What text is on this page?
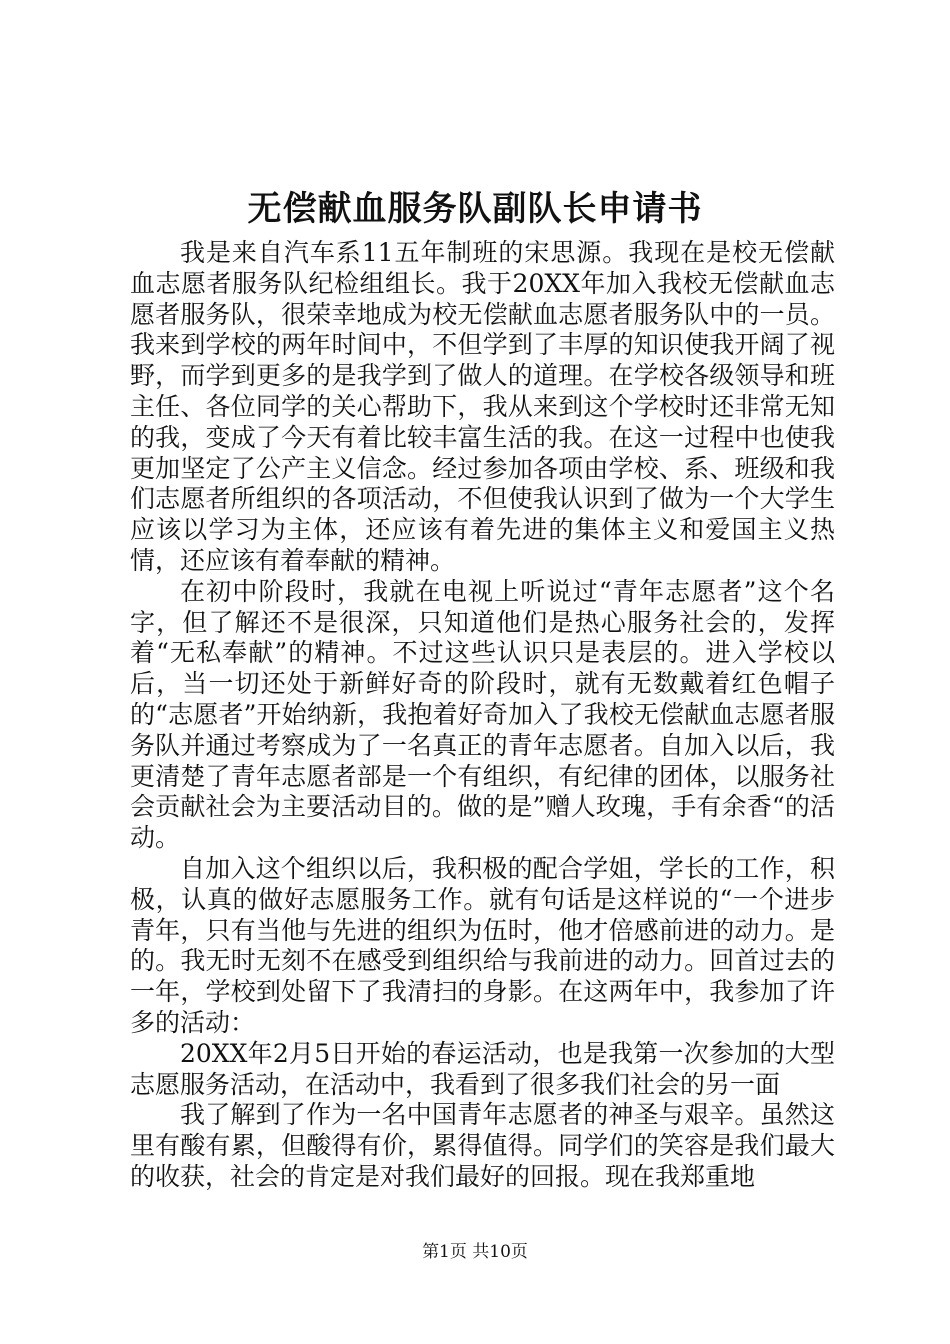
无偿献血服务队副队长申请书

我是来自汽车系11五年制班的宋思源。我现在是校无偿献血志愿者服务队纪检组组长。我于20XX年加入我校无偿献血志愿者服务队，很荣幸地成为校无偿献血志愿者服务队中的一员。我来到学校的两年时间中，不但学到了丰厚的知识使我开阔了视野，而学到更多的是我学到了做人的道理。在学校各级领导和班主任、各位同学的关心帮助下，我从来到这个学校时还非常无知的我，变成了今天有着比较丰富生活的我。在这一过程中也使我更加坚定了公产主义信念。经过参加各项由学校、系、班级和我们志愿者所组织的各项活动，不但使我认识到了做为一个大学生应该以学习为主体，还应该有着先进的集体主义和爱国主义热情，还应该有着奉献的精神。

在初中阶段时，我就在电视上听说过“青年志愿者”这个名字，但了解还不是很深，只知道他们是热心服务社会的，发挥着“无私奉献”的精神。不过这些认识只是表层的。进入学校以后，当一切还处于新鲜好奇的阶段时，就有无数戴着红色帽子的“志愿者”开始纳新，我抱着好奇加入了我校无偿献血志愿者服务队并通过考察成为了一名真正的青年志愿者。自加入以后，我更清楚了青年志愿者部是一个有组织，有纪律的团体，以服务社会贡献社会为主要活动目的。做的是”赠人玫瑰，手有余香“的活动。

自加入这个组织以后，我积极的配合学姐，学长的工作，积极，认真的做好志愿服务工作。就有句话是这样说的“一个进步青年，只有当他与先进的组织为伍时，他才倍感前进的动力。是的。我无时无刻不在感受到组织给与我前进的动力。回首过去的一年，学校到处留下了我清扫的身影。在这两年中，我参加了许多的活动：

20XX年2月5日开始的春运活动，也是我第一次参加的大型志愿服务活动，在活动中，我看到了很多我们社会的另一面

我了解到了作为一名中国青年志愿者的神圣与艰辛。虽然这里有酸有累，但酸得有价，累得值得。同学们的笑容是我们最大的收获，社会的肯定是对我们最好的回报。现在我郑重地

第1页 共10页
